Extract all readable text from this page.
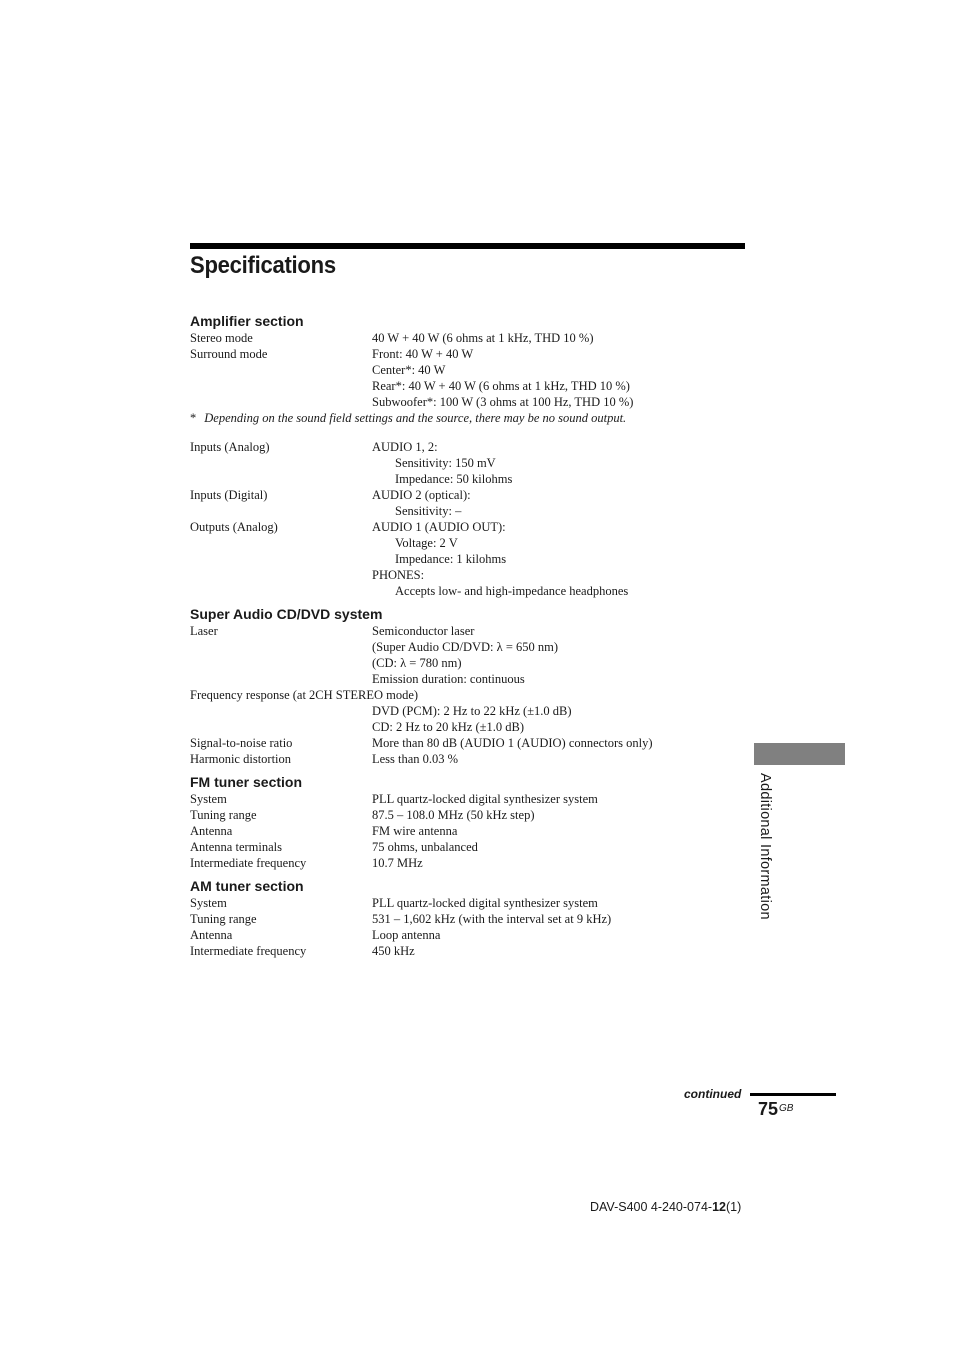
Specifications
Amplifier section
Stereo mode	40 W + 40 W (6 ohms at 1 kHz, THD 10 %)
Surround mode	Front: 40 W + 40 W
Center*: 40 W
Rear*: 40 W + 40 W (6 ohms at 1 kHz, THD 10 %)
Subwoofer*: 100 W (3 ohms at 100 Hz, THD 10 %)
* Depending on the sound field settings and the source, there may be no sound output.
Inputs (Analog)	AUDIO 1, 2:
Sensitivity: 150 mV
Impedance: 50 kilohms
Inputs (Digital)	AUDIO 2 (optical):
Sensitivity: –
Outputs (Analog)	AUDIO 1 (AUDIO OUT):
Voltage: 2 V
Impedance: 1 kilohms
PHONES:
Accepts low- and high-impedance headphones
Super Audio CD/DVD system
Laser	Semiconductor laser
(Super Audio CD/DVD: λ = 650 nm)
(CD: λ = 780 nm)
Emission duration: continuous
Frequency response (at 2CH STEREO mode)
DVD (PCM): 2 Hz to 22 kHz (±1.0 dB)
CD: 2 Hz to 20 kHz (±1.0 dB)
Signal-to-noise ratio	More than 80 dB (AUDIO 1 (AUDIO) connectors only)
Harmonic distortion	Less than 0.03 %
FM tuner section
System	PLL quartz-locked digital synthesizer system
Tuning range	87.5 – 108.0 MHz (50 kHz step)
Antenna	FM wire antenna
Antenna terminals	75 ohms, unbalanced
Intermediate frequency	10.7 MHz
AM tuner section
System	PLL quartz-locked digital synthesizer system
Tuning range	531 – 1,602 kHz (with the interval set at 9 kHz)
Antenna	Loop antenna
Intermediate frequency	450 kHz
Additional Information
continued
$75^{GB}$
DAV-S400 4-240-074-12(1)
